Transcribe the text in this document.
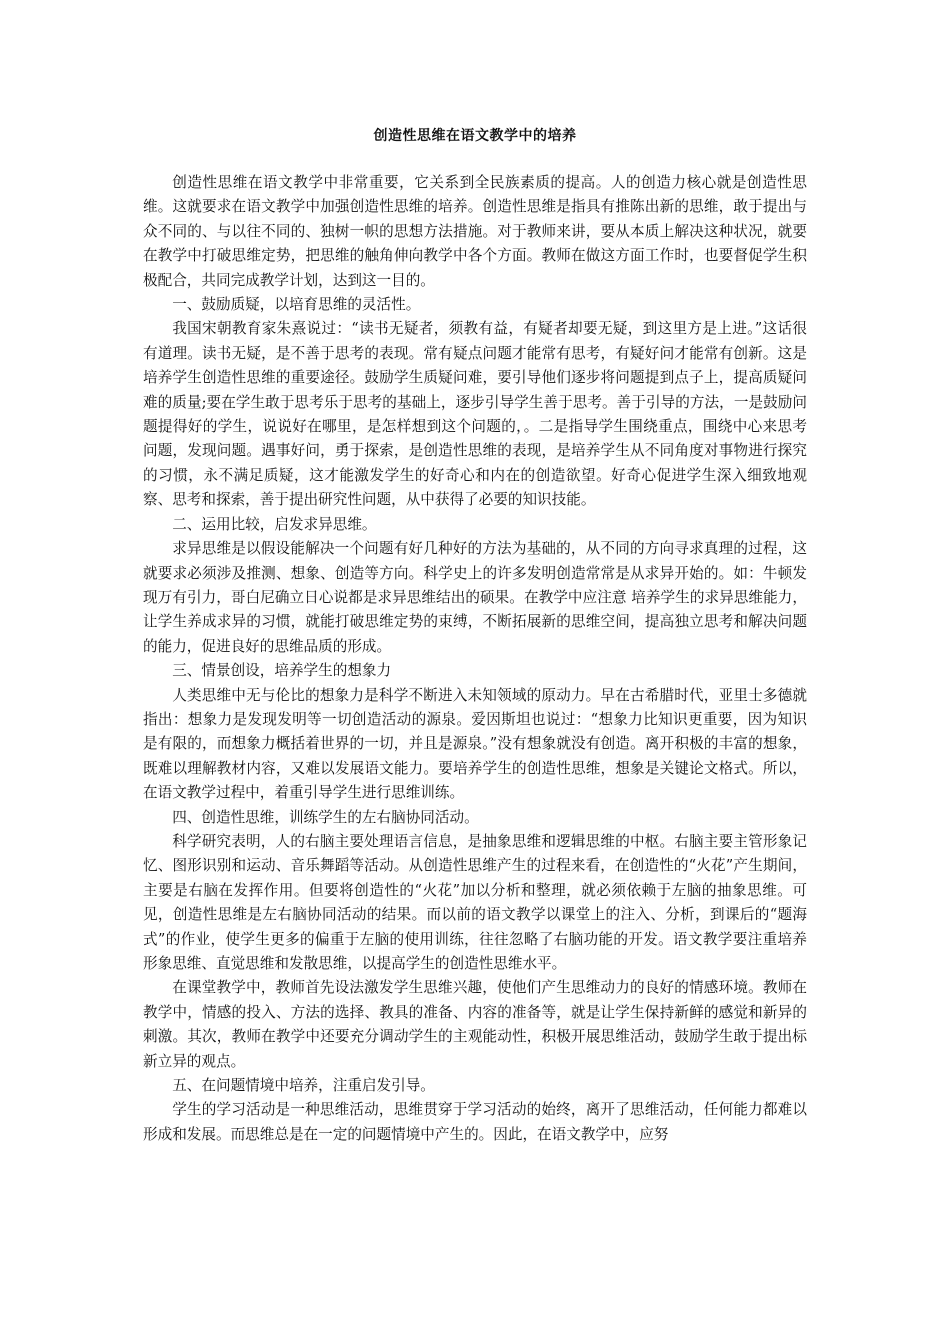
创造性思维在语文教学中的培养

创造性思维在语文教学中非常重要，它关系到全民族素质的提高。人的创造力核心就是创造性思维。这就要求在语文教学中加强创造性思维的培养。创造性思维是指具有推陈出新的思维，敢于提出与众不同的、与以往不同的、独树一帜的思想方法措施。对于教师来讲，要从本质上解决这种状况，就要在教学中打破思维定势，把思维的触角伸向教学中各个方面。教师在做这方面工作时，也要督促学生积极配合，共同完成教学计划，达到这一目的。

一、鼓励质疑，以培育思维的灵活性。

我国宋朝教育家朱熹说过：“读书无疑者，须教有益，有疑者却要无疑，到这里方是上进。”这话很有道理。读书无疑，是不善于思考的表现。常有疑点问题才能常有思考，有疑好问才能常有创新。这是培养学生创造性思维的重要途径。鼓励学生质疑问难，要引导他们逐步将问题提到点子上，提高质疑问难的质量;要在学生敢于思考乐于思考的基础上，逐步引导学生善于思考。善于引导的方法，一是鼓励问题提得好的学生，说说好在哪里，是怎样想到这个问题的，。二是指导学生围绕重点，围绕中心来思考问题，发现问题。遇事好问，勇于探索，是创造性思维的表现，是培养学生从不同角度对事物进行探究的习惯，永不满足质疑，这才能激发学生的好奇心和内在的创造欲望。好奇心促进学生深入细致地观察、思考和探索，善于提出研究性问题，从中获得了必要的知识技能。

二、运用比较，启发求异思维。

求异思维是以假设能解决一个问题有好几种好的方法为基础的，从不同的方向寻求真理的过程，这就要求必须涉及推测、想象、创造等方向。科学史上的许多发明创造常常是从求异开始的。如：牛顿发现万有引力，哥白尼确立日心说都是求异思维结出的硕果。在教学中应注意 培养学生的求异思维能力，让学生养成求异的习惯，就能打破思维定势的束缚，不断拓展新的思维空间，提高独立思考和解决问题的能力，促进良好的思维品质的形成。

三、情景创设，培养学生的想象力

人类思维中无与伦比的想象力是科学不断进入未知领域的原动力。早在古希腊时代，亚里士多德就指出：想象力是发现发明等一切创造活动的源泉。爱因斯坦也说过：“想象力比知识更重要，因为知识是有限的，而想象力概括着世界的一切，并且是源泉。”没有想象就没有创造。离开积极的丰富的想象，既难以理解教材内容，又难以发展语文能力。要培养学生的创造性思维，想象是关键论文格式。所以，在语文教学过程中，着重引导学生进行思维训练。

四、创造性思维，训练学生的左右脑协同活动。

科学研究表明，人的右脑主要处理语言信息，是抽象思维和逻辑思维的中枢。右脑主要主管形象记忆、图形识别和运动、音乐舞蹈等活动。从创造性思维产生的过程来看，在创造性的“火花”产生期间，主要是右脑在发挥作用。但要将创造性的“火花”加以分析和整理，就必须依赖于左脑的抽象思维。可见，创造性思维是左右脑协同活动的结果。而以前的语文教学以课堂上的注入、分析，到课后的“题海式”的作业，使学生更多的偏重于左脑的使用训练，往往忽略了右脑功能的开发。语文教学要注重培养形象思维、直觉思维和发散思维，以提高学生的创造性思维水平。

在课堂教学中，教师首先设法激发学生思维兴趣，使他们产生思维动力的良好的情感环境。教师在教学中，情感的投入、方法的选择、教具的准备、内容的准备等，就是让学生保持新鲜的感觉和新异的刺激。其次，教师在教学中还要充分调动学生的主观能动性，积极开展思维活动，鼓励学生敢于提出标新立异的观点。

五、在问题情境中培养，注重启发引导。

学生的学习活动是一种思维活动，思维贯穿于学习活动的始终，离开了思维活动，任何能力都难以形成和发展。而思维总是在一定的问题情境中产生的。因此，在语文教学中，应努
